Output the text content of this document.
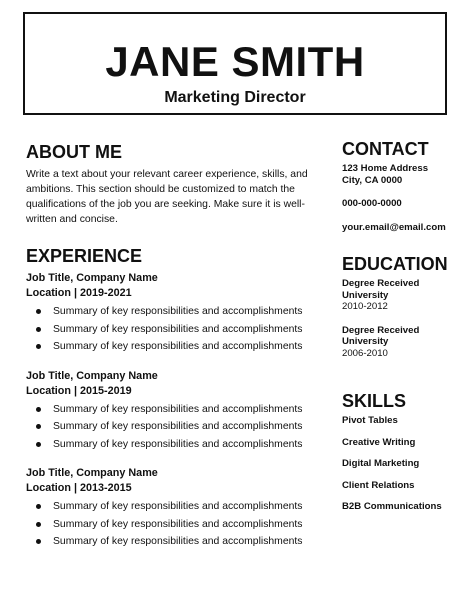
JANE SMITH
Marketing Director
ABOUT ME

Write a text about your relevant career experience, skills, and ambitions. This section should be customized to match the qualifications of the job you are seeking. Make sure it is well-written and concise.

EXPERIENCE
Job Title, Company Name
Location | 2019-2021
Summary of key responsibilities and accomplishments
Summary of key responsibilities and accomplishments
Summary of key responsibilities and accomplishments
Job Title, Company Name
Location | 2015-2019
Summary of key responsibilities and accomplishments
Summary of key responsibilities and accomplishments
Summary of key responsibilities and accomplishments
Job Title, Company Name
Location | 2013-2015
Summary of key responsibilities and accomplishments
Summary of key responsibilities and accomplishments
Summary of key responsibilities and accomplishments
CONTACT
123 Home Address
City, CA 0000
000-000-0000
your.email@email.com
EDUCATION
Degree Received
University
2010-2012
Degree Received
University
2006-2010
SKILLS
Pivot Tables
Creative Writing
Digital Marketing
Client Relations
B2B Communications
